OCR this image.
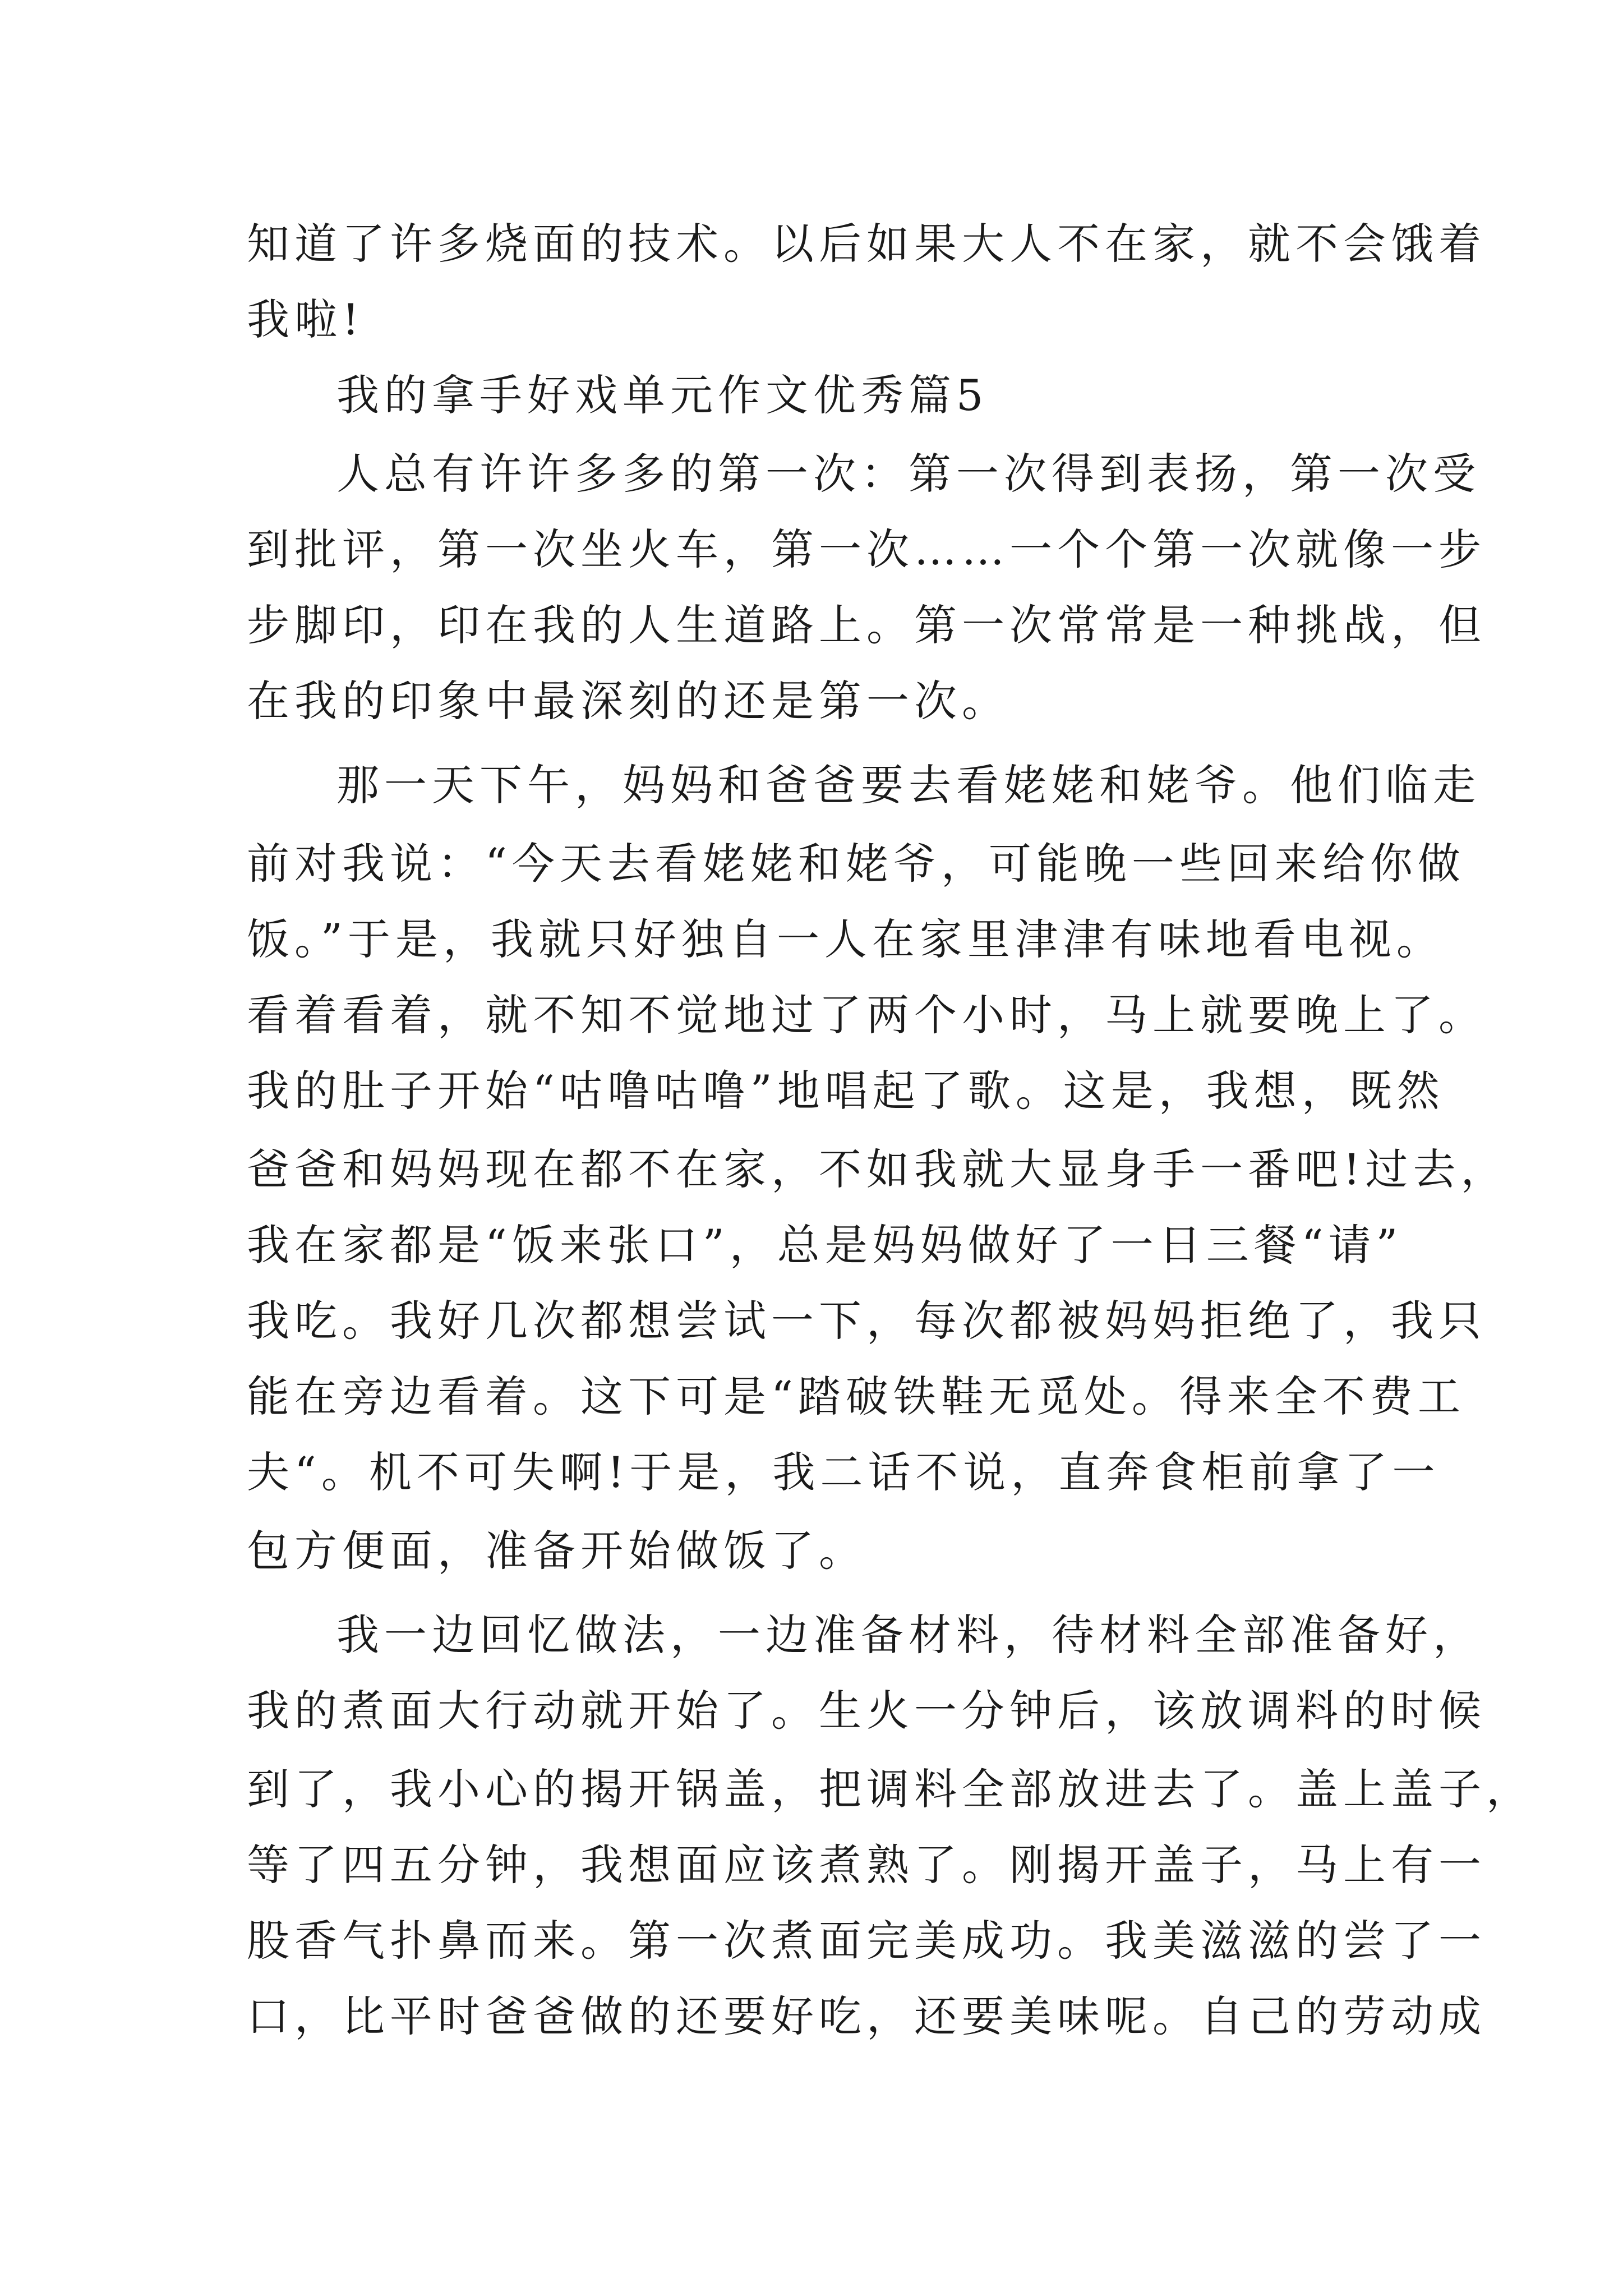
知道了许多烧面的技术。以后如果大人不在家，就不会饿着
我啦!
我的拿手好戏单元作文优秀篇5
人总有许许多多的第一次：第一次得到表扬，第一次受
到批评，第一次坐火车，第一次……一个个第一次就像一步
步脚印，印在我的人生道路上。第一次常常是一种挑战，但
在我的印象中最深刻的还是第一次。
那一天下午，妈妈和爸爸要去看姥姥和姥爷。他们临走
前对我说：“今天去看姥姥和姥爷，可能晚一些回来给你做
饭。”于是，我就只好独自一人在家里津津有味地看电视。
看着看着，就不知不觉地过了两个小时，马上就要晚上了。
我的肚子开始“咕噜咕噜”地唱起了歌。这是，我想，既然
爸爸和妈妈现在都不在家，不如我就大显身手一番吧!过去，
我在家都是“饭来张口”，总是妈妈做好了一日三餐“请”
我吃。我好几次都想尝试一下，每次都被妈妈拒绝了，我只
能在旁边看着。这下可是“踏破铁鞋无觅处。得来全不费工
夫“。机不可失啊!于是，我二话不说，直奔食柜前拿了一
包方便面，准备开始做饭了。
我一边回忆做法，一边准备材料，待材料全部准备好，
我的煮面大行动就开始了。生火一分钟后，该放调料的时候
到了，我小心的揭开锅盖，把调料全部放进去了。盖上盖子，
等了四五分钟，我想面应该煮熟了。刚揭开盖子，马上有一
股香气扑鼻而来。第一次煮面完美成功。我美滋滋的尝了一
口，比平时爸爸做的还要好吃，还要美味呢。自己的劳动成
